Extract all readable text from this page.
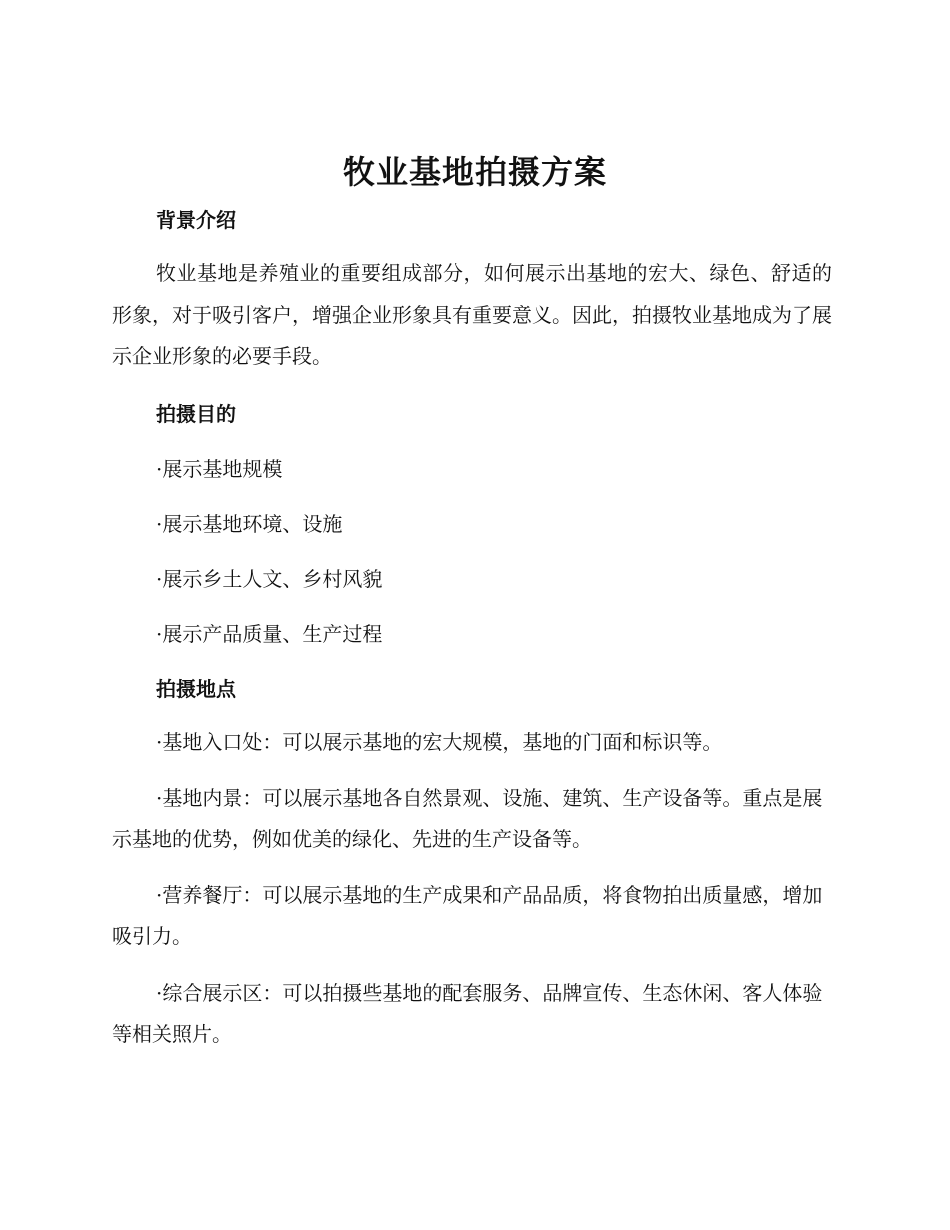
牧业基地拍摄方案
背景介绍

牧业基地是养殖业的重要组成部分，如何展示出基地的宏大、绿色、舒适的形象，对于吸引客户，增强企业形象具有重要意义。因此，拍摄牧业基地成为了展示企业形象的必要手段。

拍摄目的
·展示基地规模
·展示基地环境、设施
·展示乡土人文、乡村风貌
·展示产品质量、生产过程
拍摄地点

·基地入口处：可以展示基地的宏大规模，基地的门面和标识等。

·基地内景：可以展示基地各自然景观、设施、建筑、生产设备等。重点是展示基地的优势，例如优美的绿化、先进的生产设备等。

·营养餐厅：可以展示基地的生产成果和产品品质，将食物拍出质量感，增加吸引力。

·综合展示区：可以拍摄些基地的配套服务、品牌宣传、生态休闲、客人体验等相关照片。
